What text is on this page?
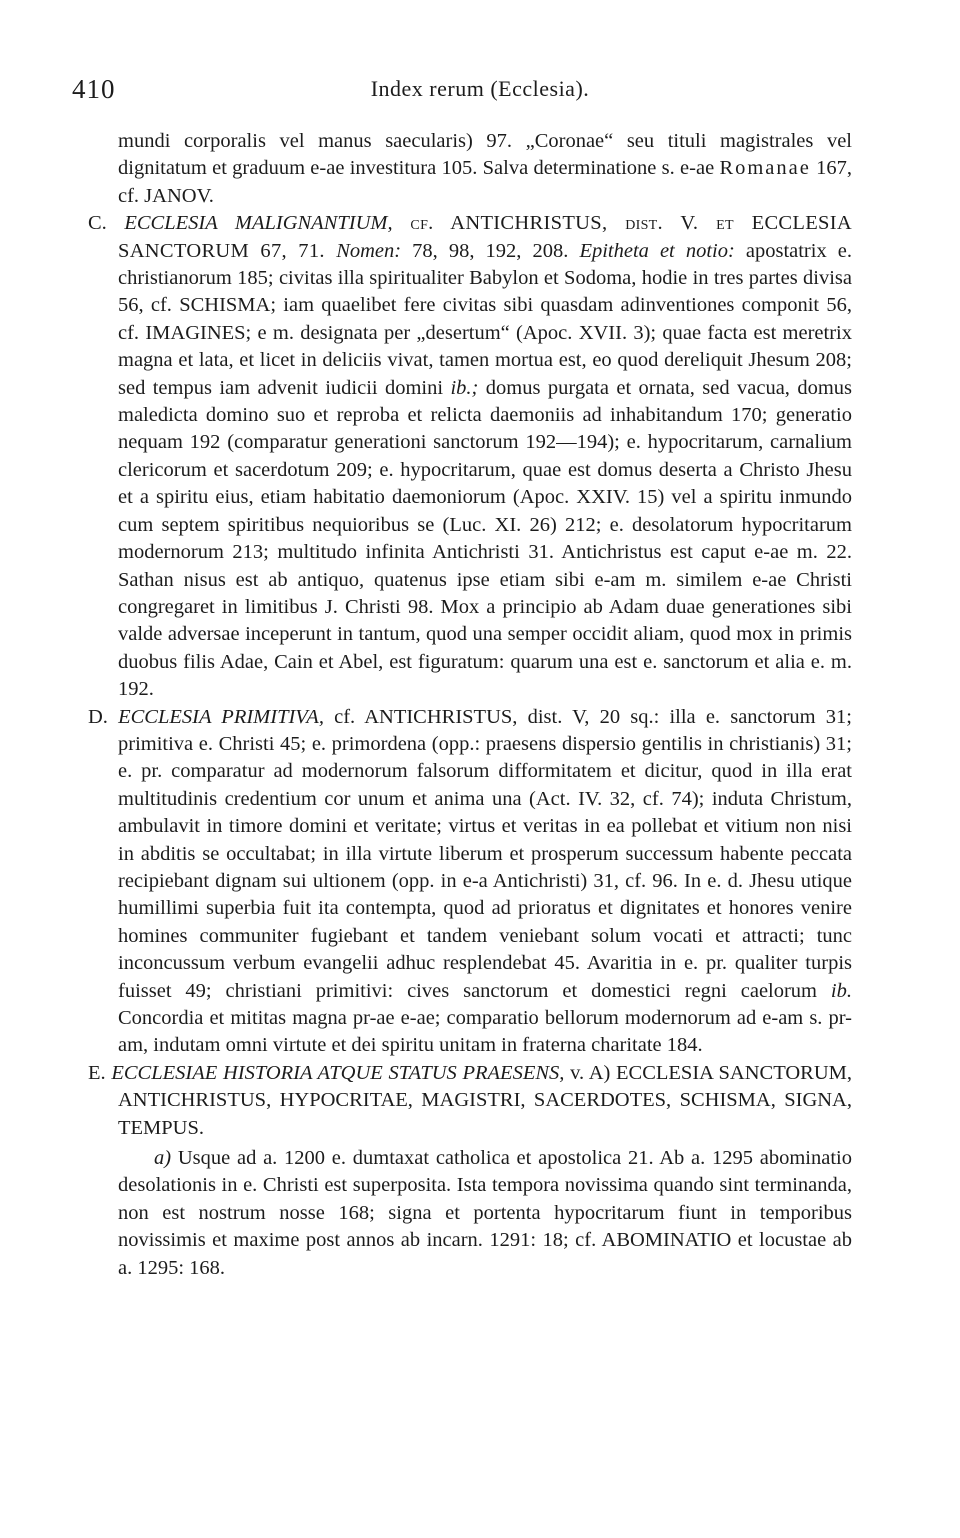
410	Index rerum (Ecclesia).

mundi corporalis vel manus saecularis) 97. „Coronae“ seu tituli magistrales vel dignitatum et graduum e-ae investitura 105. Salva determinatione s. e-ae Romanae 167, cf. JANOV.

C. ECCLESIA MALIGNANTIUM, cf. ANTICHRISTUS, dist. V. et ECCLESIA SANCTORUM 67, 71. Nomen: 78, 98, 192, 208. Epitheta et notio: apostatrix e. christianorum 185; civitas illa spiritualiter Babylon et Sodoma, hodie in tres partes divisa 56, cf. SCHISMA; iam quaelibet fere civitas sibi quasdam adinventiones componit 56, cf. IMAGINES; e m. designata per „desertum“ (Apoc. XVII. 3); quae facta est meretrix magna et lata, et licet in deliciis vivat, tamen mortua est, eo quod dereliquit Jhesum 208; sed tempus iam advenit iudicii domini ib.; domus purgata et ornata, sed vacua, domus maledicta domino suo et reproba et relicta daemoniis ad inhabitandum 170; generatio nequam 192 (comparatur generationi sanctorum 192—194); e. hypocritarum, carnalium clericorum et sacerdotum 209; e. hypocritarum, quae est domus deserta a Christo Jhesu et a spiritu eius, etiam habitatio daemoniorum (Apoc. XXIV. 15) vel a spiritu inmundo cum septem spiritibus nequioribus se (Luc. XI. 26) 212; e. desolatorum hypocritarum modernorum 213; multitudo infinita Antichristi 31. Antichristus est caput e-ae m. 22. Sathan nisus est ab antiquo, quatenus ipse etiam sibi e-am m. similem e-ae Christi congregaret in limitibus J. Christi 98. Mox a principio ab Adam duae generationes sibi valde adversae inceperunt in tantum, quod una semper occidit aliam, quod mox in primis duobus filis Adae, Cain et Abel, est figuratum: quarum una est e. sanctorum et alia e. m. 192.

D. ECCLESIA PRIMITIVA, cf. ANTICHRISTUS, dist. V, 20 sq.: illa e. sanctorum 31; primitiva e. Christi 45; e. primordena (opp.: praesens dispersio gentilis in christianis) 31; e. pr. comparatur ad modernorum falsorum difformitatem et dicitur, quod in illa erat multitudinis credentium cor unum et anima una (Act. IV. 32, cf. 74); induta Christum, ambulavit in timore domini et veritate; virtus et veritas in ea pollebat et vitium non nisi in abditis se occultabat; in illa virtute liberum et prosperum successum habente peccata recipiebant dignam sui ultionem (opp. in e-a Antichristi) 31, cf. 96. In e. d. Jhesu utique humillimi superbia fuit ita contempta, quod ad prioratus et dignitates et honores venire homines communiter fugiebant et tandem veniebant solum vocati et attracti; tunc inconcussum verbum evangelii adhuc resplendebat 45. Avaritia in e. pr. qualiter turpis fuisset 49; christiani primitivi: cives sanctorum et domestici regni caelorum ib. Concordia et mititas magna pr-ae e-ae; comparatio bellorum modernorum ad e-am s. pr-am, indutam omni virtute et dei spiritu unitam in fraterna charitate 184.

E. ECCLESIAE HISTORIA ATQUE STATUS PRAESENS, v. A) ECCLESIA SANCTORUM, ANTICHRISTUS, HYPOCRITAE, MAGISTRI, SACERDOTES, SCHISMA, SIGNA, TEMPUS.

a) Usque ad a. 1200 e. dumtaxat catholica et apostolica 21. Ab a. 1295 abominatio desolationis in e. Christi est superposita. Ista tempora novissima quando sint terminanda, non est nostrum nosse 168; signa et portenta hypocritarum fiunt in temporibus novissimis et maxime post annos ab incarn. 1291: 18; cf. ABOMINATIO et locustae ab a. 1295: 168.
